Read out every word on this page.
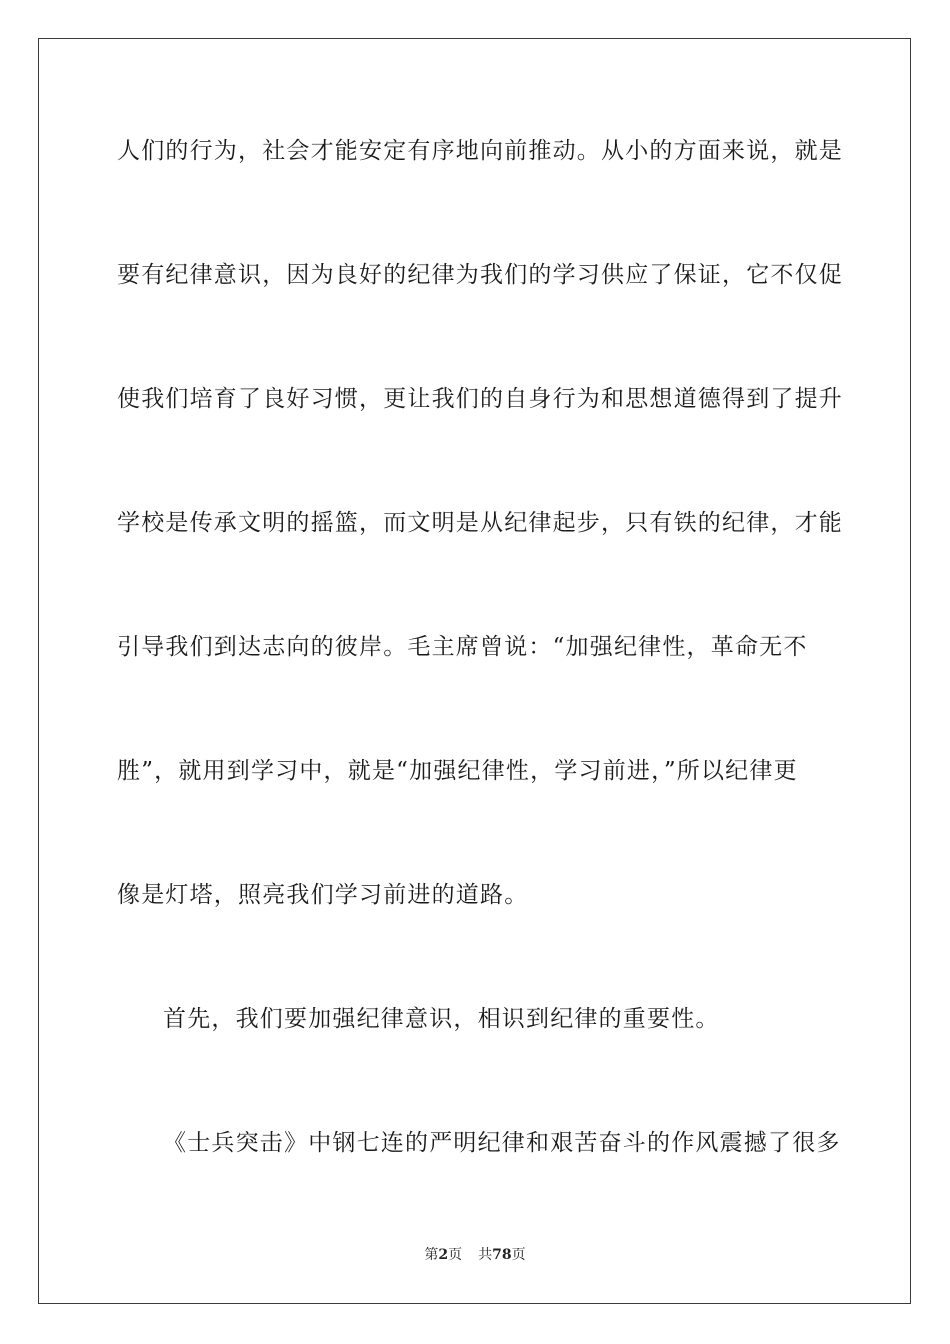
人们的行为，社会才能安定有序地向前推动。从小的方面来说，就是
要有纪律意识，因为良好的纪律为我们的学习供应了保证，它不仅促
使我们培育了良好习惯，更让我们的自身行为和思想道德得到了提升
学校是传承文明的摇篮，而文明是从纪律起步，只有铁的纪律，才能
引导我们到达志向的彼岸。毛主席曾说：“加强纪律性，革命无不
胜”，就用到学习中，就是“加强纪律性，学习前进，”所以纪律更
像是灯塔，照亮我们学习前进的道路。
首先，我们要加强纪律意识，相识到纪律的重要性。
《士兵突击》中钢七连的严明纪律和艰苦奋斗的作风震撼了很多
第2页 共78页
